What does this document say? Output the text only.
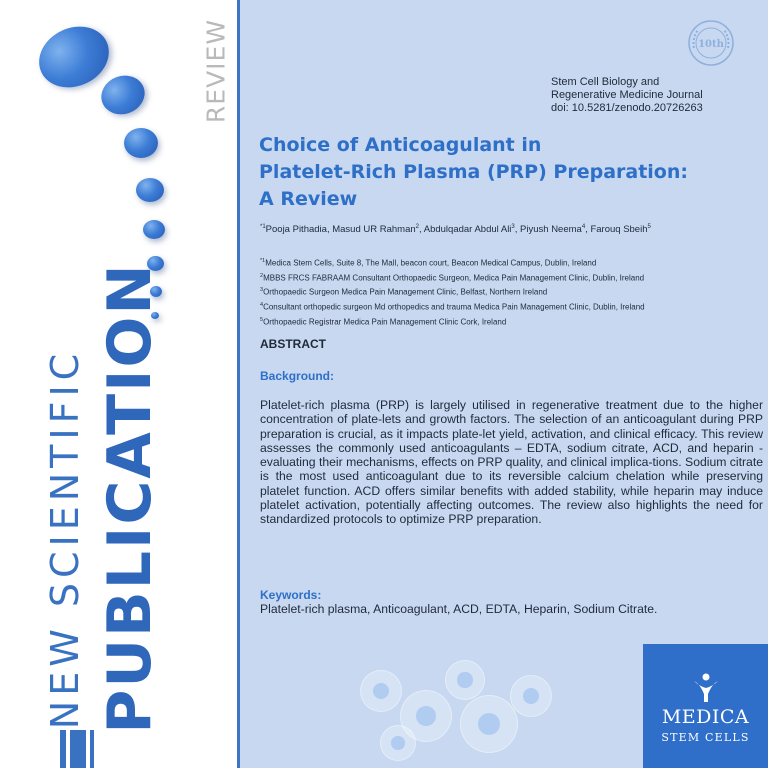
REVIEW
NEW SCIENTIFIC PUBLICATION
10th
Stem Cell Biology and
Regenerative Medicine Journal
doi: 10.5281/zenodo.20726263
Choice of Anticoagulant in
Platelet-Rich Plasma (PRP) Preparation:
A Review
$^{*1}$Pooja Pithadia, Masud UR Rahman$^2$, Abdulqadar Abdul Ali$^3$, Piyush Neema$^4$, Farouq Sbeih$^5$
$^{*1}$Medica Stem Cells, Suite 8, The Mall, beacon court, Beacon Medical Campus, Dublin, Ireland
$^2$MBBS FRCS FABRAAM Consultant Orthopaedic Surgeon, Medica Pain Management Clinic, Dublin, Ireland
$^3$Orthopaedic Surgeon Medica Pain Management Clinic, Belfast, Northern Ireland
$^4$Consultant orthopedic surgeon Md orthopedics and trauma Medica Pain Management Clinic, Dublin, Ireland
$^5$Orthopaedic Registrar Medica Pain Management Clinic Cork, Ireland
ABSTRACT
Background:
Platelet-rich plasma (PRP) is largely utilised in regenerative treatment due to the higher concentration of plate-lets and growth factors. The selection of an anticoagulant during PRP preparation is crucial, as it impacts plate-let yield, activation, and clinical efficacy. This review assesses the commonly used anticoagulants – EDTA, sodium citrate, ACD, and heparin - evaluating their mechanisms, effects on PRP quality, and clinical implica-tions. Sodium citrate is the most used anticoagulant due to its reversible calcium chelation while preserving platelet function. ACD offers similar benefits with added stability, while heparin may induce platelet activation, potentially affecting outcomes. The review also highlights the need for standardized protocols to optimize PRP preparation.
Keywords:
Platelet-rich plasma, Anticoagulant, ACD, EDTA, Heparin, Sodium Citrate.
MEDICA
STEM CELLS
